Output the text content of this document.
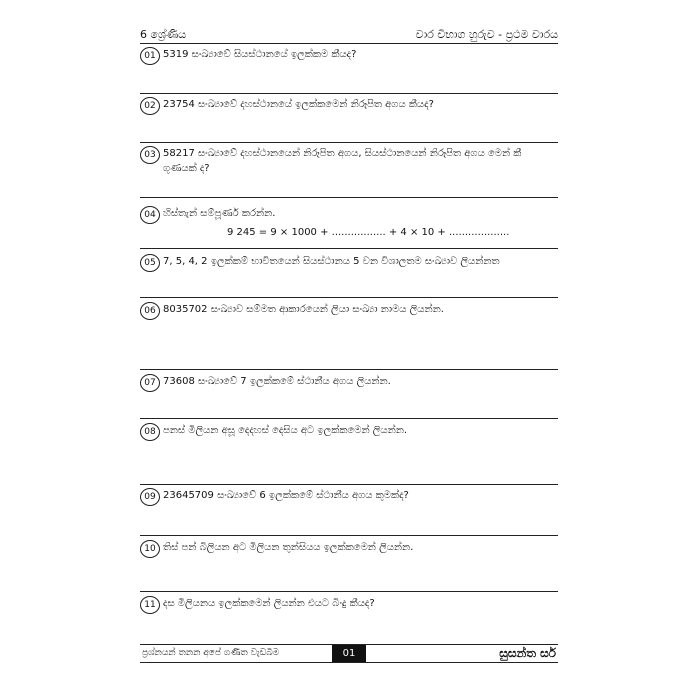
6 ශ්‍රේණිය	වාර විභාග හුරුව - ප්‍රථම වාරය
01 5319 සංඛ්‍යාවේ සියස්ථානයේ ඉලක්කම කීයද?
02 23754 සංඛ්‍යාවේ දහස්ථානයේ ඉලක්කමෙන් නිරූපිත අගය කීයද?
03 58217 සංඛ්‍යාවේ දහස්ථානයෙන් නිරූපිත අගය, සියස්ථානයෙන් නිරූපිත අගය මෙන් කී
ගුණයක් ද?
04 හිස්තැන් සම්පූර්ණ කරන්න.
9 245 = 9 × 1000 + ................. + 4 × 10 + ...................
05 7, 5, 4, 2 ඉලක්කම් භාවිතයෙන් සියස්ථානය 5 වන විශාලතම සංඛ්‍යාව ලියන්නත
06 8035702 සංඛ්‍යාව සම්මත ආකාරයෙන් ලියා සංඛ්‍යා නාමය ලියන්න.
07 73608 සංඛ්‍යාවේ 7 ඉලක්කමේ ස්ථානීය අගය ලියන්න.
08 පනස් මිලියන අසූ දෙදහස් දෙසිය අට ඉලක්කමෙන් ලියන්න.
09 23645709 සංඛ්‍යාවේ 6 ඉලක්කමේ ස්ථානීය අගය කුමක්ද?
10 තිස් පන් බිලියන අට මිලියන තුන්සියය ඉලක්කමෙන් ලියන්න.
11 දස මිලියනය ඉලක්කමෙන් ලියන්න එයට බිංදු කීයද?
ප්‍රශ්නයන් තනන අපේ ගණිත වැඩබිම	01	සුසන්ත සර්
